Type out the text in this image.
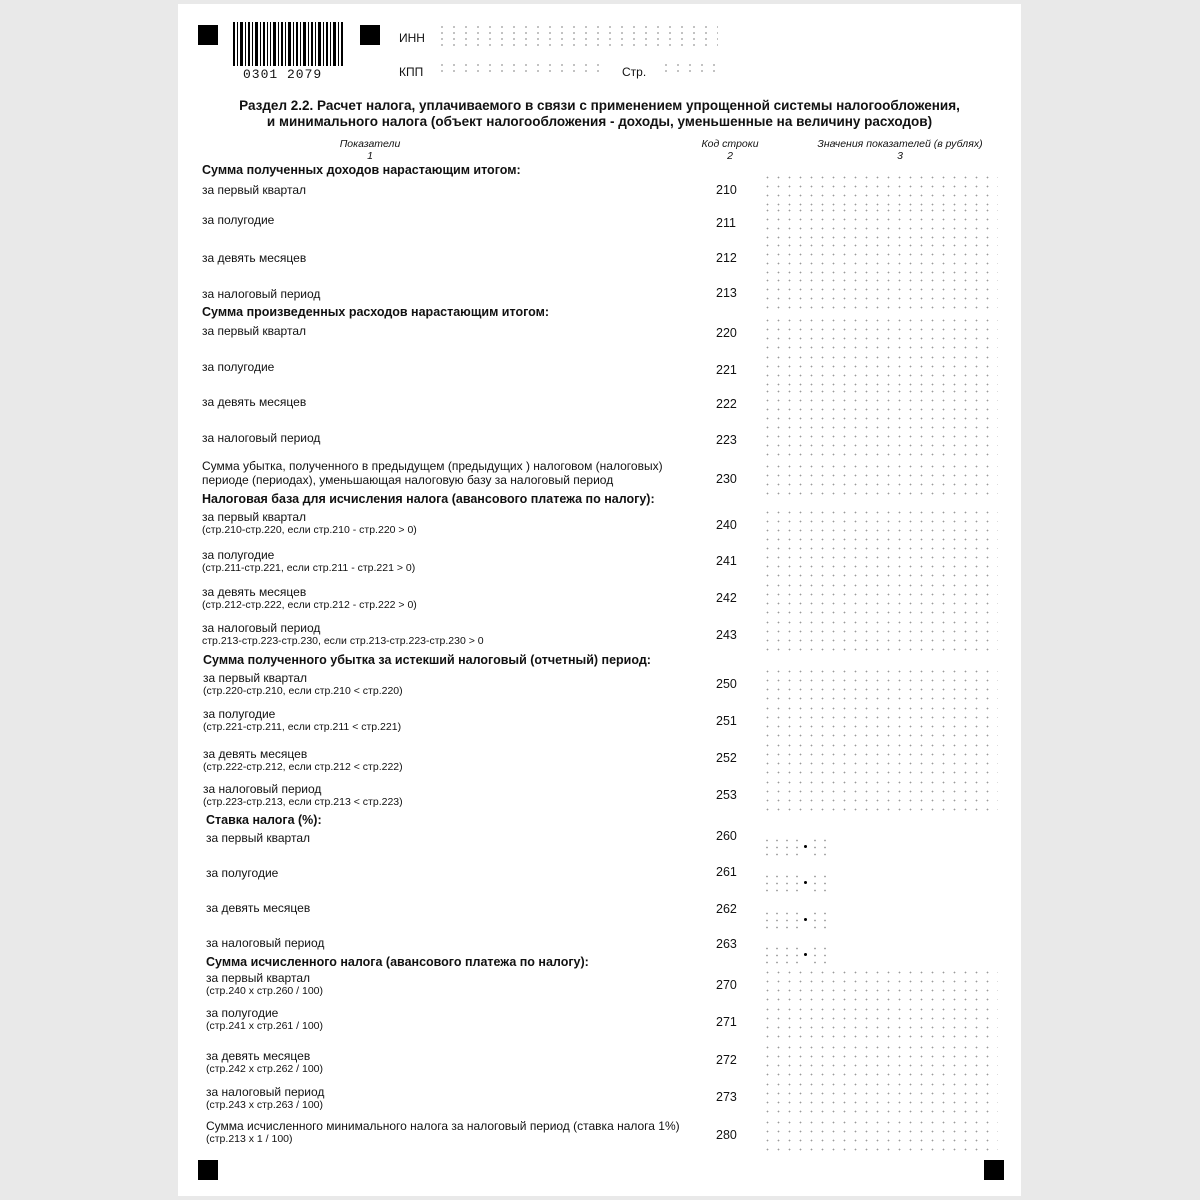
0301 2079
ИНН
КПП	Стр.
Раздел 2.2. Расчет налога, уплачиваемого в связи с применением упрощенной системы налогообложения,
и минимального налога (объект налогообложения - доходы, уменьшенные на величину расходов)
Показатели
1
Код строки
2
Значения показателей (в рублях)
3
Сумма полученных доходов нарастающим итогом:
Сумма произведенных расходов нарастающим итогом:
Налоговая база для исчисления налога (авансового платежа по налогу):
Сумма полученного убытка за истекший налоговый (отчетный) период:
Ставка налога (%):
Сумма исчисленного налога (авансового платежа по налогу):
за первый квартал	210
за полугодие	211
за девять месяцев	212
за налоговый период	213
за первый квартал	220
за полугодие	221
за девять месяцев	222
за налоговый период	223
Сумма убытка, полученного в предыдущем (предыдущих ) налоговом (налоговых)
периоде (периодах), уменьшающая налоговую базу за налоговый период	230
за первый квартал
(стр.210-стр.220, если стр.210 - стр.220 > 0)	240
за полугодие
(стр.211-стр.221, если стр.211 - стр.221 > 0)	241
за девять месяцев
(стр.212-стр.222, если стр.212 - стр.222 > 0)	242
за налоговый период
стр.213-стр.223-стр.230, если стр.213-стр.223-стр.230 > 0	243
за первый квартал
(стр.220-стр.210, если стр.210 < стр.220)	250
за полугодие
(стр.221-стр.211, если стр.211 < стр.221)	251
за девять месяцев
(стр.222-стр.212, если стр.212 < стр.222)
252
за налоговый период
(стр.223-стр.213, если стр.213 < стр.223)	253
за первый квартал	260
за полугодие	261
за девять месяцев	262
за налоговый период	263
за первый квартал
(стр.240 х стр.260 / 100)	270
за полугодие
(стр.241 х стр.261 / 100)	271
за девять месяцев
(стр.242 х стр.262 / 100)
272
за налоговый период
(стр.243 х стр.263 / 100)
273
Сумма исчисленного минимального налога за налоговый период (ставка налога 1%)
(стр.213 х 1 / 100)	280
